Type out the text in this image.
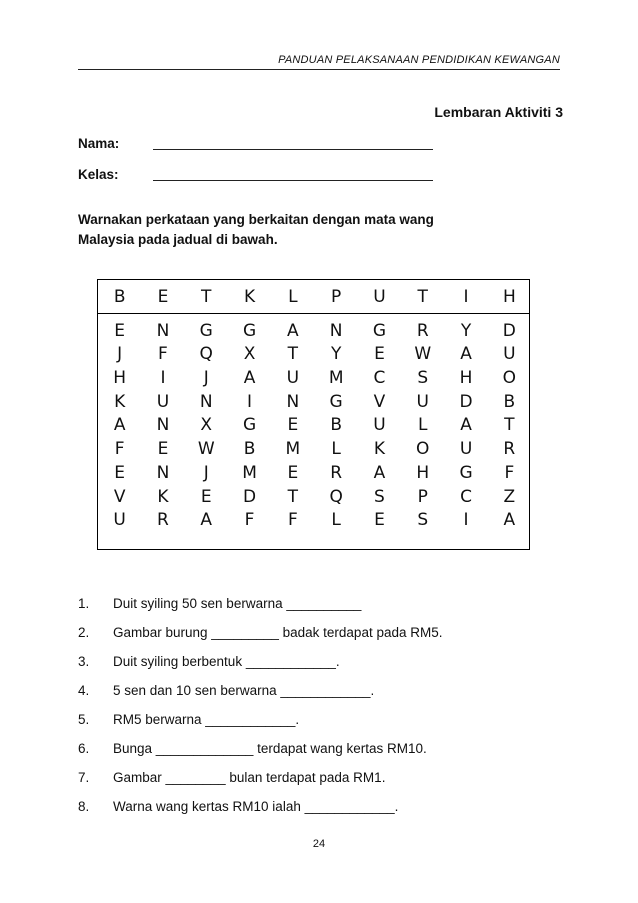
PANDUAN PELAKSANAAN PENDIDIKAN KEWANGAN
Lembaran Aktiviti 3
Nama:
Kelas:
Warnakan perkataan yang berkaitan dengan mata wang
Malaysia pada jadual di bawah.
B	E	T	K	L	P	U	T	I	H
E	N	G	G	A	N	G	R	Y	D
J	F	Q	X	T	Y	E	W	A	U
H	I	J	A	U	M	C	S	H	O
K	U	N	I	N	G	V	U	D	B
A	N	X	G	E	B	U	L	A	T
F	E	W	B	M	L	K	O	U	R
E	N	J	M	E	R	A	H	G	F
V	K	E	D	T	Q	S	P	C	Z
U	R	A	F	F	L	E	S	I	A
1. Duit syiling 50 sen berwarna __________
2. Gambar burung _________ badak terdapat pada RM5.
3. Duit syiling berbentuk ____________.
4. 5 sen dan 10 sen berwarna ____________.
5. RM5 berwarna ____________.
6. Bunga _____________ terdapat wang kertas RM10.
7. Gambar ________ bulan terdapat pada RM1.
8. Warna wang kertas RM10 ialah ____________.
24
